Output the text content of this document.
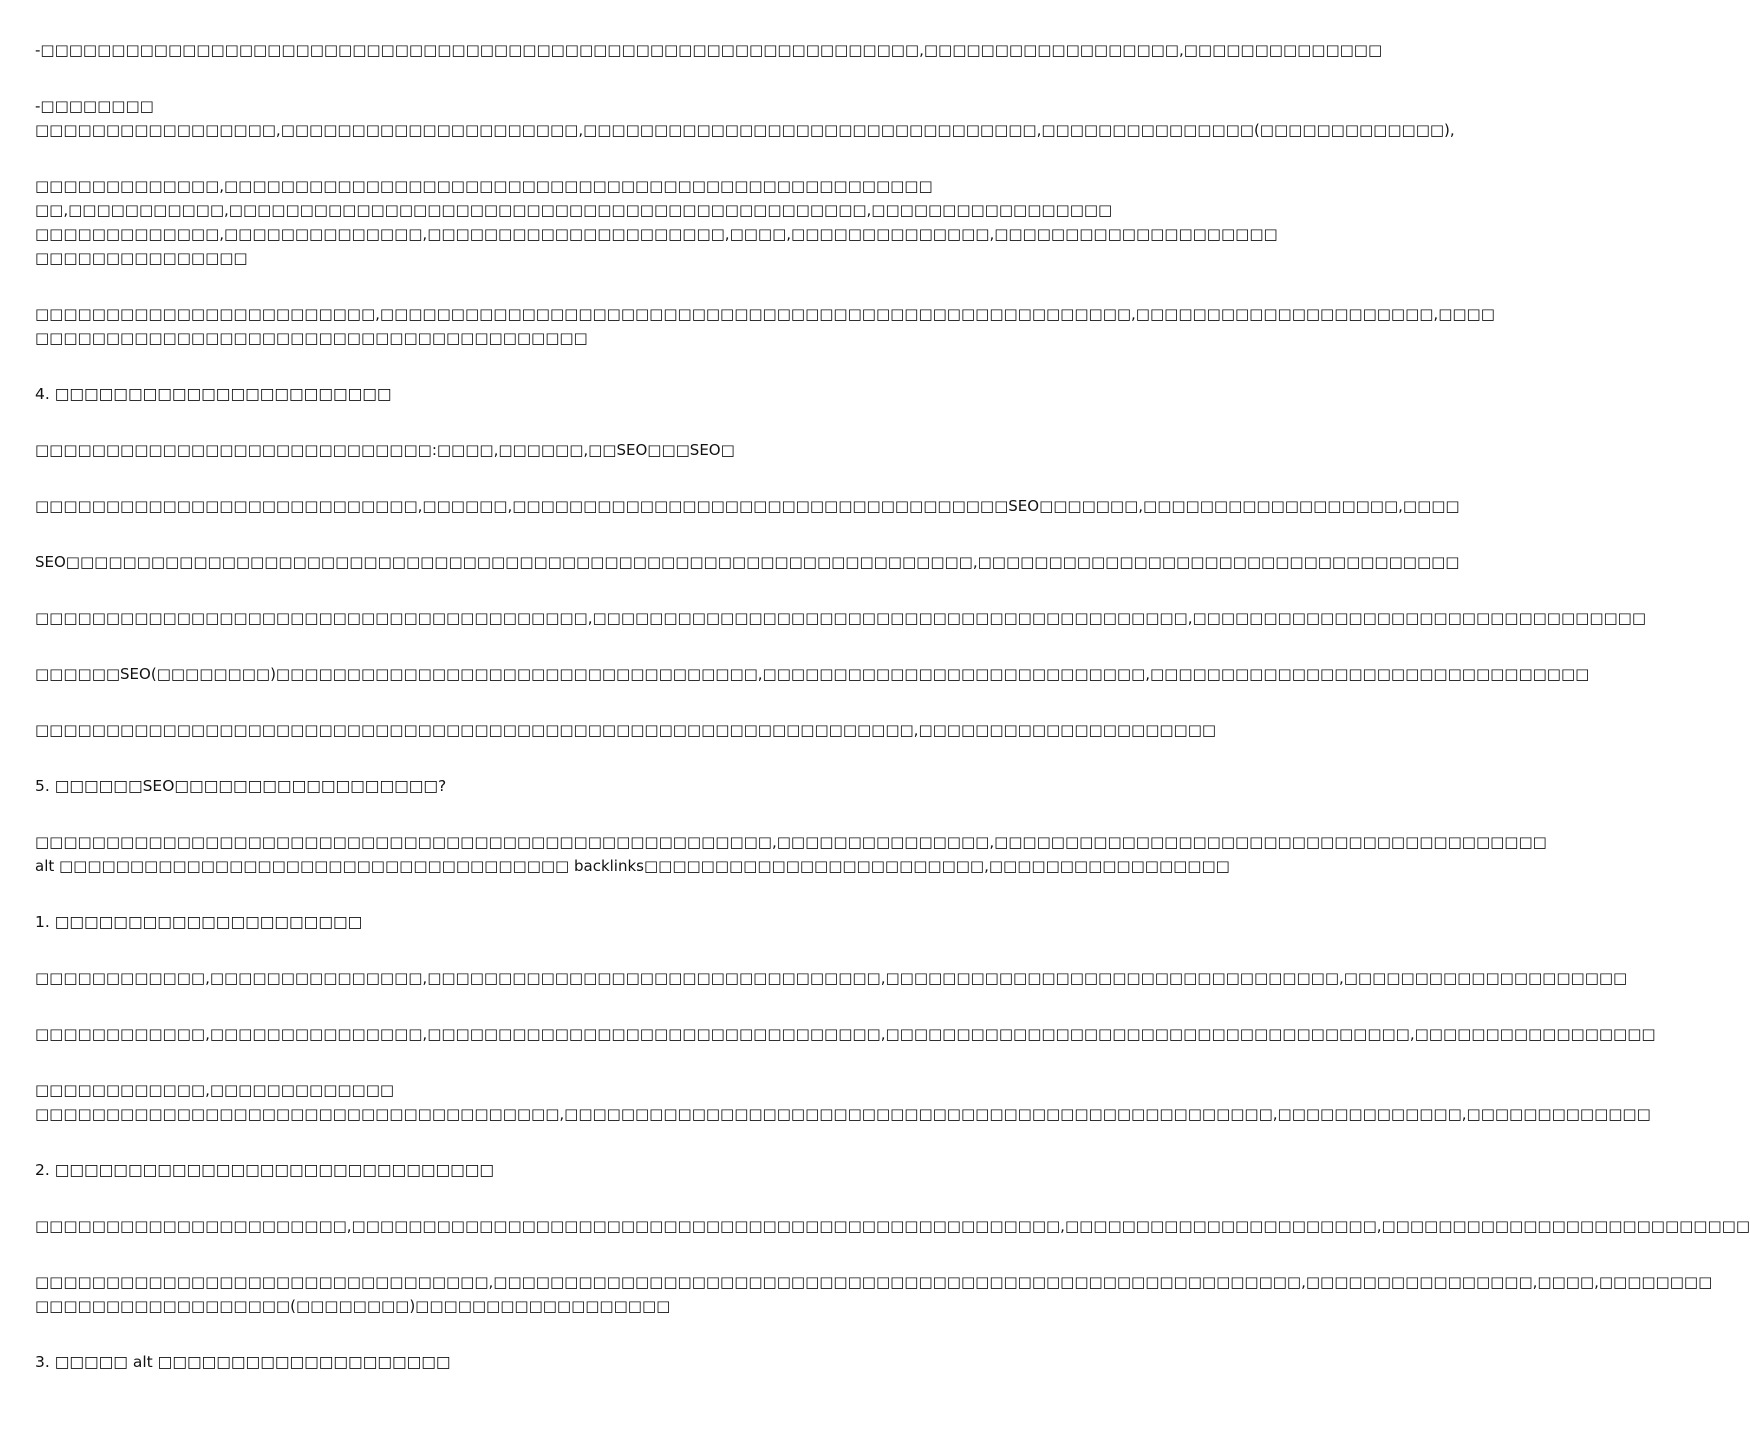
-□□□□□□□□□□□□□□□□□□□□□□□□□□□□□□□□□□□□□□□□□□□□□□□□□□□□□□□□□□□□□□,□□□□□□□□□□□□□□□□□□,□□□□□□□□□□□□□□
-□□□□□□□□
□□□□□□□□□□□□□□□□□,□□□□□□□□□□□□□□□□□□□□□,□□□□□□□□□□□□□□□□□□□□□□□□□□□□□□□□,□□□□□□□□□□□□□□□(□□□□□□□□□□□□□),
□□□□□□□□□□□□□,□□□□□□□□□□□□□□□□□□□□□□□□□□□□□□□□□□□□□□□□□□□□□□□□□□
□□,□□□□□□□□□□□,□□□□□□□□□□□□□□□□□□□□□□□□□□□□□□□□□□□□□□□□□□□□□,□□□□□□□□□□□□□□□□□
□□□□□□□□□□□□□,□□□□□□□□□□□□□□,□□□□□□□□□□□□□□□□□□□□□,□□□□,□□□□□□□□□□□□□□,□□□□□□□□□□□□□□□□□□□□
□□□□□□□□□□□□□□□
□□□□□□□□□□□□□□□□□□□□□□□□,□□□□□□□□□□□□□□□□□□□□□□□□□□□□□□□□□□□□□□□□□□□□□□□□□□□□□,□□□□□□□□□□□□□□□□□□□□□,□□□□
□□□□□□□□□□□□□□□□□□□□□□□□□□□□□□□□□□□□□□□
4. □□□□□□□□□□□□□□□□□□□□□□□
□□□□□□□□□□□□□□□□□□□□□□□□□□□□:□□□□,□□□□□□,□□SEO□□□SEO□
□□□□□□□□□□□□□□□□□□□□□□□□□□□,□□□□□□,□□□□□□□□□□□□□□□□□□□□□□□□□□□□□□□□□□□SEO□□□□□□□,□□□□□□□□□□□□□□□□□□,□□□□
SEO□□□□□□□□□□□□□□□□□□□□□□□□□□□□□□□□□□□□□□□□□□□□□□□□□□□□□□□□□□□□□□□□,□□□□□□□□□□□□□□□□□□□□□□□□□□□□□□□□□□
□□□□□□□□□□□□□□□□□□□□□□□□□□□□□□□□□□□□□□□,□□□□□□□□□□□□□□□□□□□□□□□□□□□□□□□□□□□□□□□□□□,□□□□□□□□□□□□□□□□□□□□□□□□□□□□□□□□
□□□□□□SEO(□□□□□□□□)□□□□□□□□□□□□□□□□□□□□□□□□□□□□□□□□□□,□□□□□□□□□□□□□□□□□□□□□□□□□□□,□□□□□□□□□□□□□□□□□□□□□□□□□□□□□□□
□□□□□□□□□□□□□□□□□□□□□□□□□□□□□□□□□□□□□□□□□□□□□□□□□□□□□□□□□□□□□□,□□□□□□□□□□□□□□□□□□□□□
5. □□□□□□SEO□□□□□□□□□□□□□□□□□□?
□□□□□□□□□□□□□□□□□□□□□□□□□□□□□□□□□□□□□□□□□□□□□□□□□□□□,□□□□□□□□□□□□□□□,□□□□□□□□□□□□□□□□□□□□□□□□□□□□□□□□□□□□□□□
alt □□□□□□□□□□□□□□□□□□□□□□□□□□□□□□□□□□□□ backlinks□□□□□□□□□□□□□□□□□□□□□□□□,□□□□□□□□□□□□□□□□□
1. □□□□□□□□□□□□□□□□□□□□□
□□□□□□□□□□□□,□□□□□□□□□□□□□□□,□□□□□□□□□□□□□□□□□□□□□□□□□□□□□□□□,□□□□□□□□□□□□□□□□□□□□□□□□□□□□□□□□,□□□□□□□□□□□□□□□□□□□□
□□□□□□□□□□□□,□□□□□□□□□□□□□□□,□□□□□□□□□□□□□□□□□□□□□□□□□□□□□□□□,□□□□□□□□□□□□□□□□□□□□□□□□□□□□□□□□□□□□□,□□□□□□□□□□□□□□□□□
□□□□□□□□□□□□,□□□□□□□□□□□□□
□□□□□□□□□□□□□□□□□□□□□□□□□□□□□□□□□□□□□,□□□□□□□□□□□□□□□□□□□□□□□□□□□□□□□□□□□□□□□□□□□□□□□□□□,□□□□□□□□□□□□□,□□□□□□□□□□□□□
2. □□□□□□□□□□□□□□□□□□□□□□□□□□□□□□
□□□□□□□□□□□□□□□□□□□□□□,□□□□□□□□□□□□□□□□□□□□□□□□□□□□□□□□□□□□□□□□□□□□□□□□□□,□□□□□□□□□□□□□□□□□□□□□□,□□□□□□□□□□□□□□□□□□□□□□□□□□
□□□□□□□□□□□□□□□□□□□□□□□□□□□□□□□□,□□□□□□□□□□□□□□□□□□□□□□□□□□□□□□□□□□□□□□□□□□□□□□□□□□□□□□□□□,□□□□□□□□□□□□□□□□,□□□□,□□□□□□□□
□□□□□□□□□□□□□□□□□□(□□□□□□□□)□□□□□□□□□□□□□□□□□□
3. □□□□□ alt □□□□□□□□□□□□□□□□□□□□
